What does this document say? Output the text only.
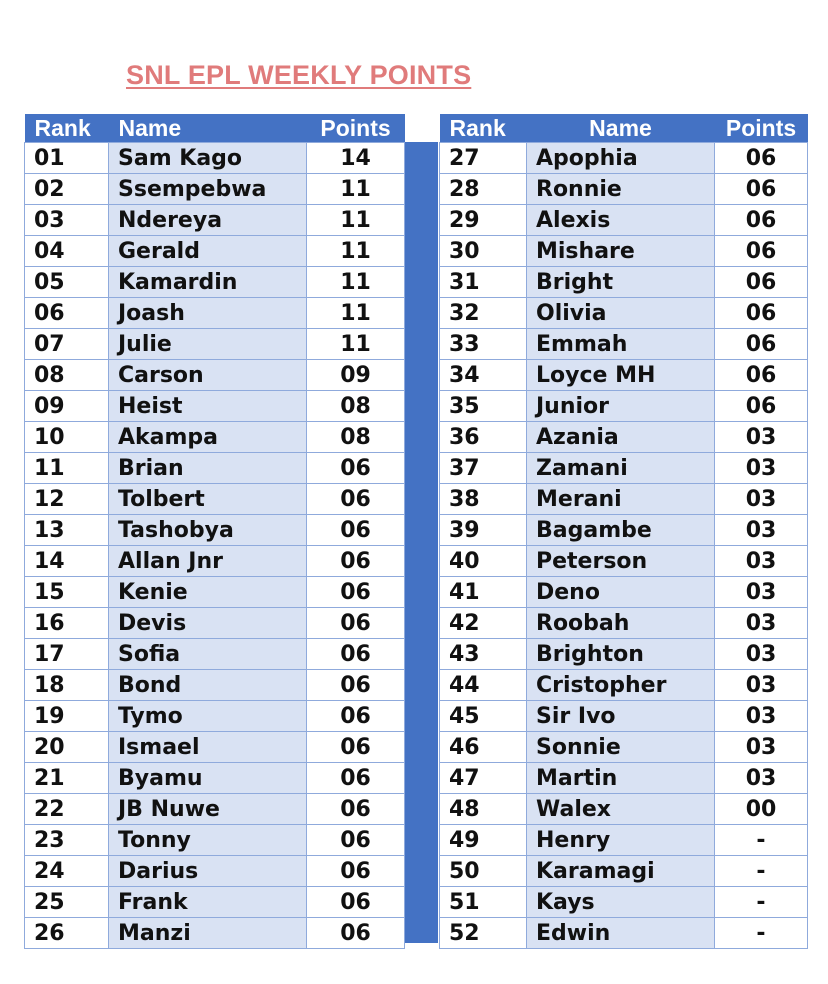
SNL EPL WEEKLY POINTS
Rank	Name	Points
01	Sam Kago	14
02	Ssempebwa	11
03	Ndereya	11
04	Gerald	11
05	Kamardin	11
06	Joash	11
07	Julie	11
08	Carson	09
09	Heist	08
10	Akampa	08
11	Brian	06
12	Tolbert	06
13	Tashobya	06
14	Allan Jnr	06
15	Kenie	06
16	Devis	06
17	Sofia	06
18	Bond	06
19	Tymo	06
20	Ismael	06
21	Byamu	06
22	JB Nuwe	06
23	Tonny	06
24	Darius	06
25	Frank	06
26	Manzi	06
Rank	Name	Points
27	Apophia	06
28	Ronnie	06
29	Alexis	06
30	Mishare	06
31	Bright	06
32	Olivia	06
33	Emmah	06
34	Loyce MH	06
35	Junior	06
36	Azania	03
37	Zamani	03
38	Merani	03
39	Bagambe	03
40	Peterson	03
41	Deno	03
42	Roobah	03
43	Brighton	03
44	Cristopher	03
45	Sir Ivo	03
46	Sonnie	03
47	Martin	03
48	Walex	00
49	Henry	-
50	Karamagi	-
51	Kays	-
52	Edwin	-
